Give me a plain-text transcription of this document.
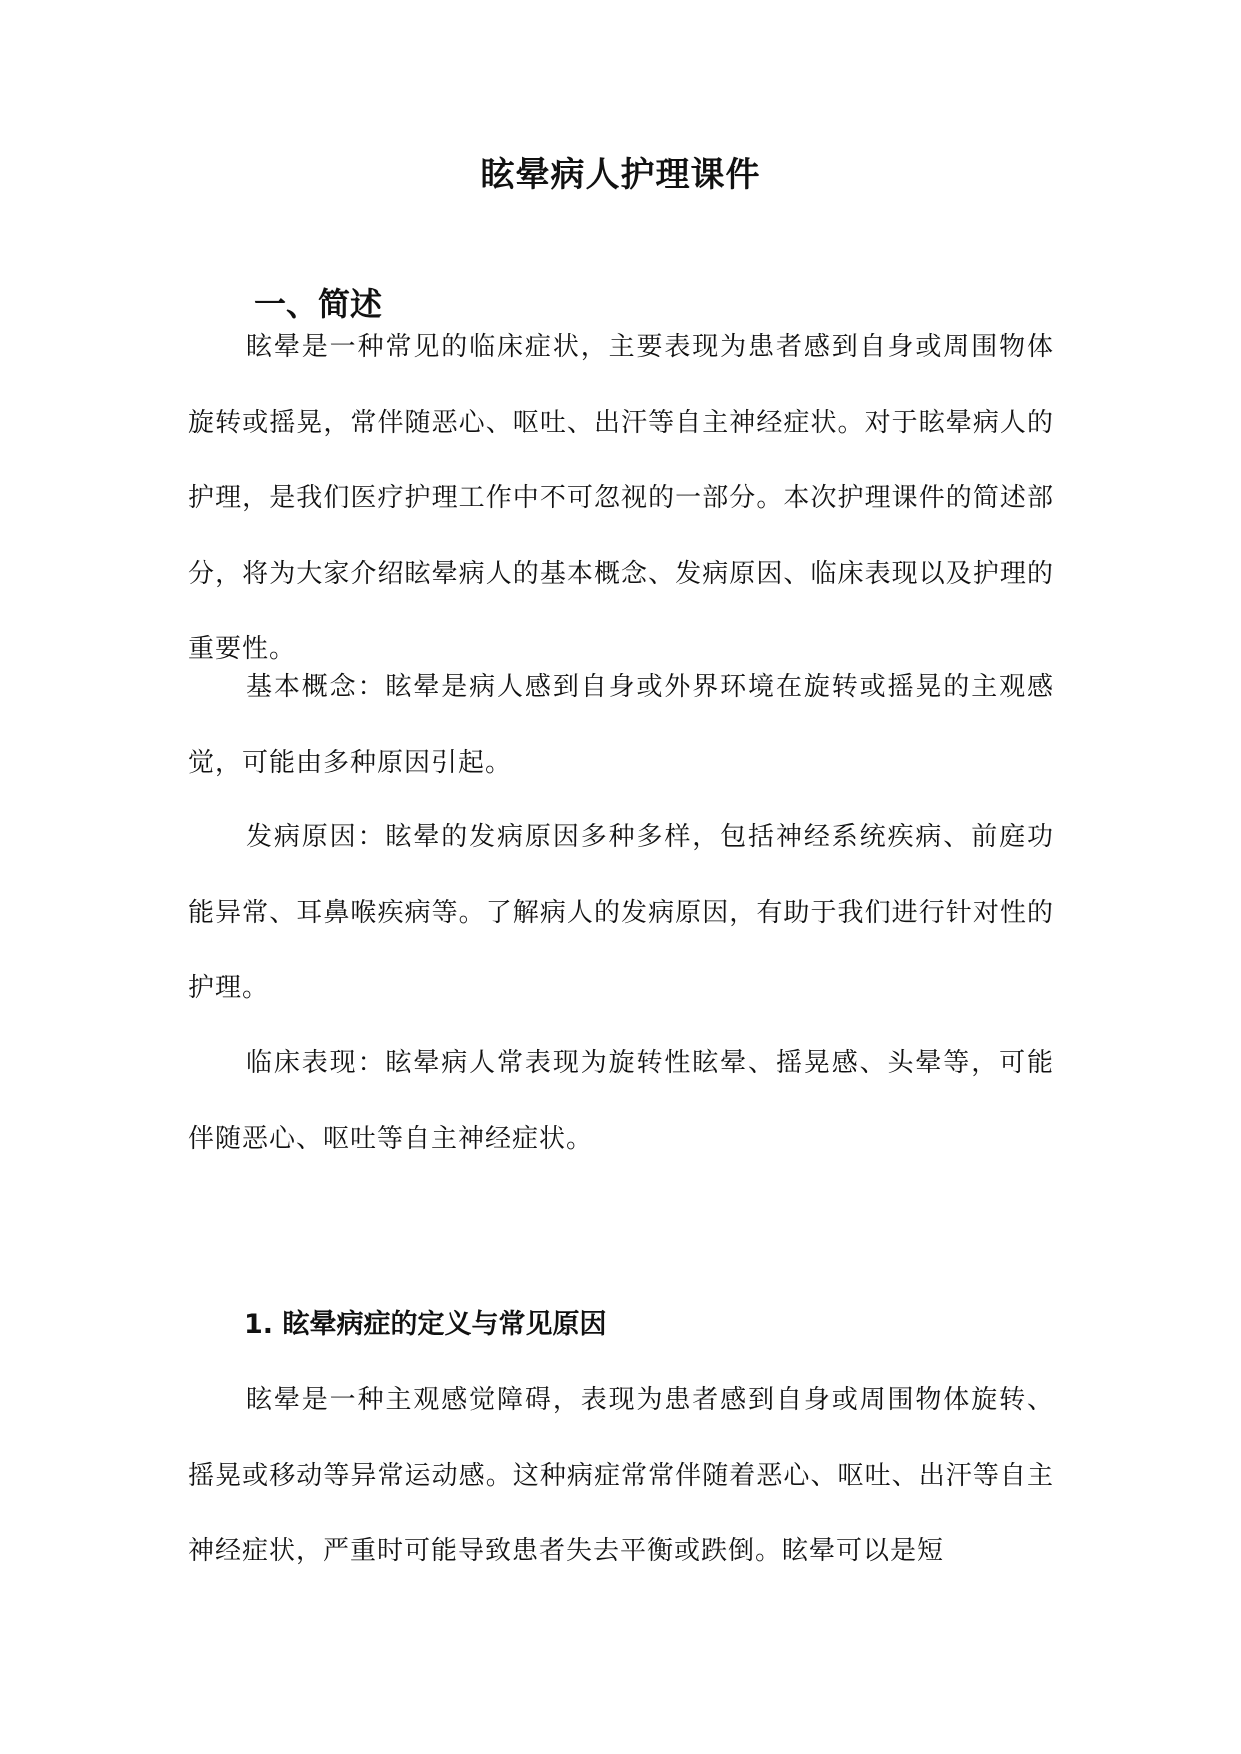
眩晕病人护理课件
一、简述

眩晕是一种常见的临床症状，主要表现为患者感到自身或周围物体旋转或摇晃，常伴随恶心、呕吐、出汗等自主神经症状。对于眩晕病人的护理，是我们医疗护理工作中不可忽视的一部分。本次护理课件的简述部分，将为大家介绍眩晕病人的基本概念、发病原因、临床表现以及护理的重要性。

基本概念：眩晕是病人感到自身或外界环境在旋转或摇晃的主观感觉，可能由多种原因引起。

发病原因：眩晕的发病原因多种多样，包括神经系统疾病、前庭功能异常、耳鼻喉疾病等。了解病人的发病原因，有助于我们进行针对性的护理。

临床表现：眩晕病人常表现为旋转性眩晕、摇晃感、头晕等，可能伴随恶心、呕吐等自主神经症状。

1. 眩晕病症的定义与常见原因

眩晕是一种主观感觉障碍，表现为患者感到自身或周围物体旋转、摇晃或移动等异常运动感。这种病症常常伴随着恶心、呕吐、出汗等自主神经症状，严重时可能导致患者失去平衡或跌倒。眩晕可以是短
